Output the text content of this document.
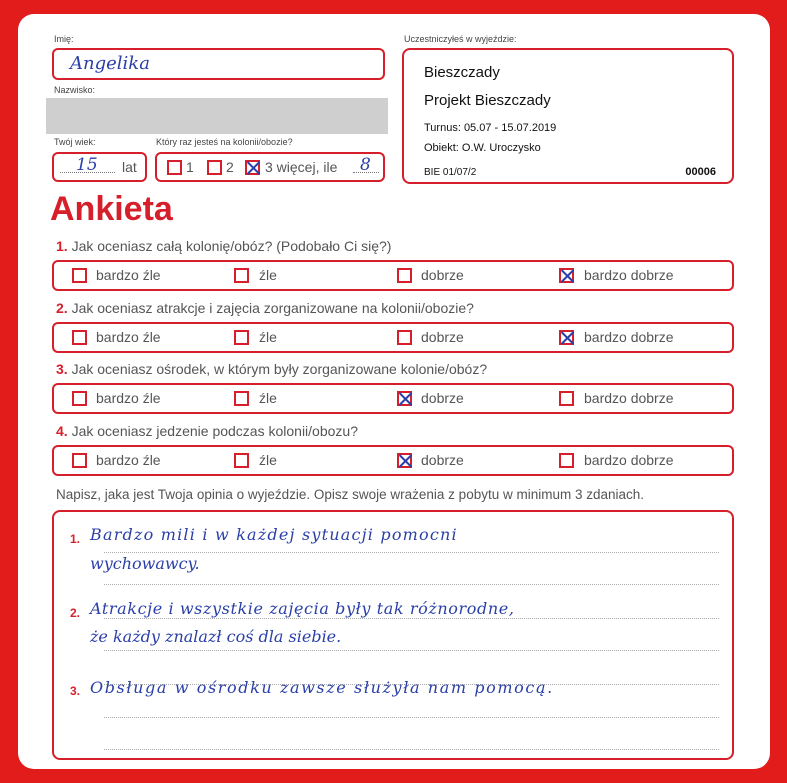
Imię:
Angelika
Nazwisko:
Twój wiek:
15 lat
Który raz jesteś na kolonii/obozie?
1 2 3 więcej, ile 8
Uczestniczyłeś w wyjeździe:
Bieszczady
Projekt Bieszczady
Turnus: 05.07 - 15.07.2019
Obiekt: O.W. Uroczysko
BIE 01/07/2	00006
Ankieta
1. Jak oceniasz całą kolonię/obóz? (Podobało Ci się?)
bardzo źle	źle	dobrze	bardzo dobrze
2. Jak oceniasz atrakcje i zajęcia zorganizowane na kolonii/obozie?
bardzo źle	źle	dobrze	bardzo dobrze
3. Jak oceniasz ośrodek, w którym były zorganizowane kolonie/obóz?
bardzo źle	źle	dobrze	bardzo dobrze
4. Jak oceniasz jedzenie podczas kolonii/obozu?
bardzo źle	źle	dobrze	bardzo dobrze
Napisz, jaka jest Twoja opinia o wyjeździe. Opisz swoje wrażenia z pobytu w minimum 3 zdaniach.
1. Bardzo mili i w każdej sytuacji pomocni
wychowawcy.
2. Atrakcje i wszystkie zajęcia były tak różnorodne,
że każdy znalazł coś dla siebie.
3. Obsługa w ośrodku zawsze służyła nam pomocą.
